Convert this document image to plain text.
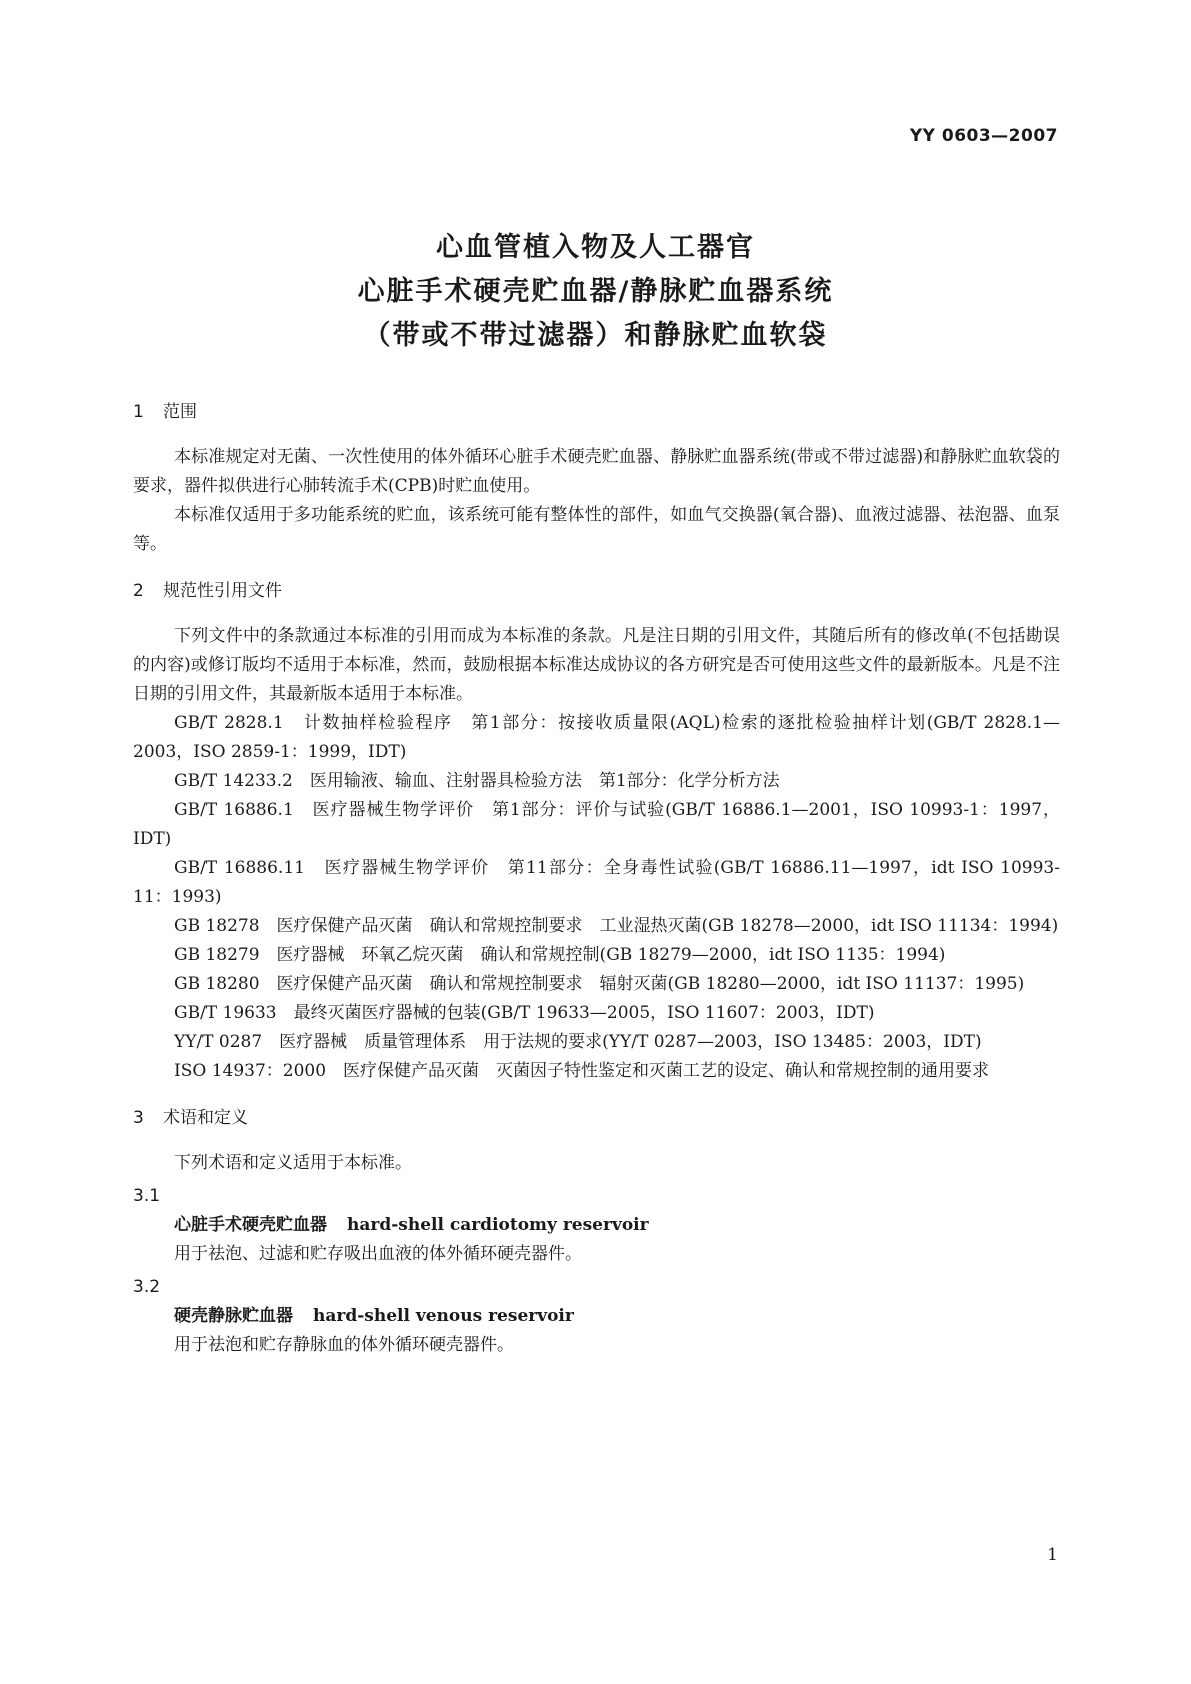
YY 0603—2007
心血管植入物及人工器官
心脏手术硬壳贮血器/静脉贮血器系统
（带或不带过滤器）和静脉贮血软袋
1 范围

本标准规定对无菌、一次性使用的体外循环心脏手术硬壳贮血器、静脉贮血器系统(带或不带过滤器)和静脉贮血软袋的要求，器件拟供进行心肺转流手术(CPB)时贮血使用。

本标准仅适用于多功能系统的贮血，该系统可能有整体性的部件，如血气交换器(氧合器)、血液过滤器、祛泡器、血泵等。

2 规范性引用文件

下列文件中的条款通过本标准的引用而成为本标准的条款。凡是注日期的引用文件，其随后所有的修改单(不包括勘误的内容)或修订版均不适用于本标准，然而，鼓励根据本标准达成协议的各方研究是否可使用这些文件的最新版本。凡是不注日期的引用文件，其最新版本适用于本标准。

GB/T 2828.1　计数抽样检验程序　第1部分：按接收质量限(AQL)检索的逐批检验抽样计划(GB/T 2828.1—2003，ISO 2859-1：1999，IDT)

GB/T 14233.2　医用输液、输血、注射器具检验方法　第1部分：化学分析方法

GB/T 16886.1　医疗器械生物学评价　第1部分：评价与试验(GB/T 16886.1—2001，ISO 10993-1：1997，IDT)

GB/T 16886.11　医疗器械生物学评价　第11部分：全身毒性试验(GB/T 16886.11—1997，idt ISO 10993-11：1993)

GB 18278　医疗保健产品灭菌　确认和常规控制要求　工业湿热灭菌(GB 18278—2000，idt ISO 11134：1994)

GB 18279　医疗器械　环氧乙烷灭菌　确认和常规控制(GB 18279—2000，idt ISO 1135：1994)

GB 18280　医疗保健产品灭菌　确认和常规控制要求　辐射灭菌(GB 18280—2000，idt ISO 11137：1995)

GB/T 19633　最终灭菌医疗器械的包装(GB/T 19633—2005，ISO 11607：2003，IDT)

YY/T 0287　医疗器械　质量管理体系　用于法规的要求(YY/T 0287—2003，ISO 13485：2003，IDT)

ISO 14937：2000　医疗保健产品灭菌　灭菌因子特性鉴定和灭菌工艺的设定、确认和常规控制的通用要求

3 术语和定义

下列术语和定义适用于本标准。

3.1
心脏手术硬壳贮血器 hard-shell cardiotomy reservoir
用于祛泡、过滤和贮存吸出血液的体外循环硬壳器件。
3.2
硬壳静脉贮血器 hard-shell venous reservoir
用于祛泡和贮存静脉血的体外循环硬壳器件。
1
